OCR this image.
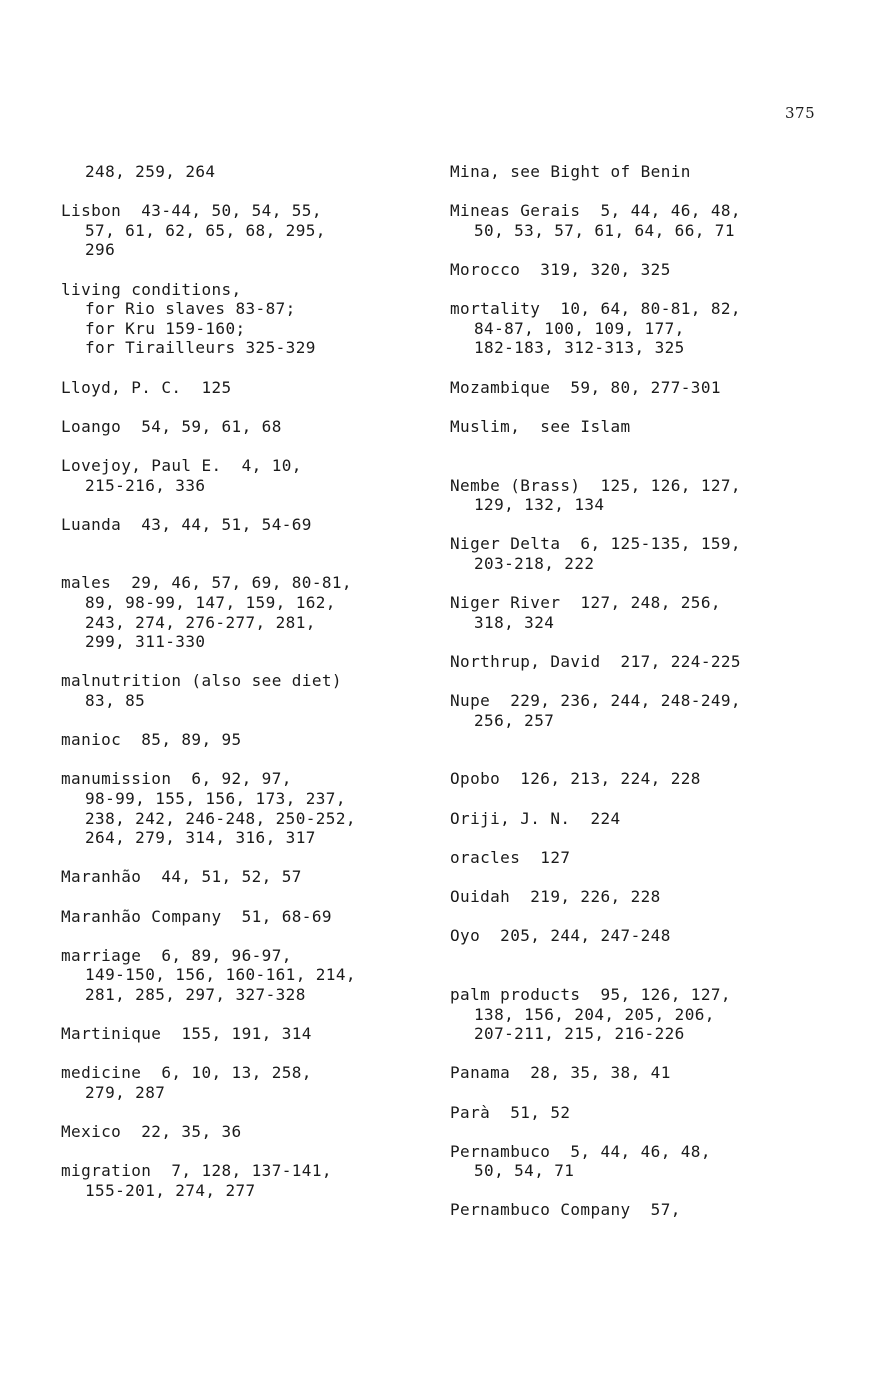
375
248, 259, 264
Lisbon  43-44, 50, 54, 55,
57, 61, 62, 65, 68, 295,
296
living conditions,
for Rio slaves 83-87;
for Kru 159-160;
for Tirailleurs 325-329
Lloyd, P. C.  125
Loango  54, 59, 61, 68
Lovejoy, Paul E.  4, 10,
215-216, 336
Luanda  43, 44, 51, 54-69
males  29, 46, 57, 69, 80-81,
89, 98-99, 147, 159, 162,
243, 274, 276-277, 281,
299, 311-330
malnutrition (also see diet)
83, 85
manioc  85, 89, 95
manumission  6, 92, 97,
98-99, 155, 156, 173, 237,
238, 242, 246-248, 250-252,
264, 279, 314, 316, 317
Maranhão  44, 51, 52, 57
Maranhão Company  51, 68-69
marriage  6, 89, 96-97,
149-150, 156, 160-161, 214,
281, 285, 297, 327-328
Martinique  155, 191, 314
medicine  6, 10, 13, 258,
279, 287
Mexico  22, 35, 36
migration  7, 128, 137-141,
155-201, 274, 277
Mina, see Bight of Benin
Mineas Gerais  5, 44, 46, 48,
50, 53, 57, 61, 64, 66, 71
Morocco  319, 320, 325
mortality  10, 64, 80-81, 82,
84-87, 100, 109, 177,
182-183, 312-313, 325
Mozambique  59, 80, 277-301
Muslim,  see Islam
Nembe (Brass)  125, 126, 127,
129, 132, 134
Niger Delta  6, 125-135, 159,
203-218, 222
Niger River  127, 248, 256,
318, 324
Northrup, David  217, 224-225
Nupe  229, 236, 244, 248-249,
256, 257
Opobo  126, 213, 224, 228
Oriji, J. N.  224
oracles  127
Ouidah  219, 226, 228
Oyo  205, 244, 247-248
palm products  95, 126, 127,
138, 156, 204, 205, 206,
207-211, 215, 216-226
Panama  28, 35, 38, 41
Parà  51, 52
Pernambuco  5, 44, 46, 48,
50, 54, 71
Pernambuco Company  57,
